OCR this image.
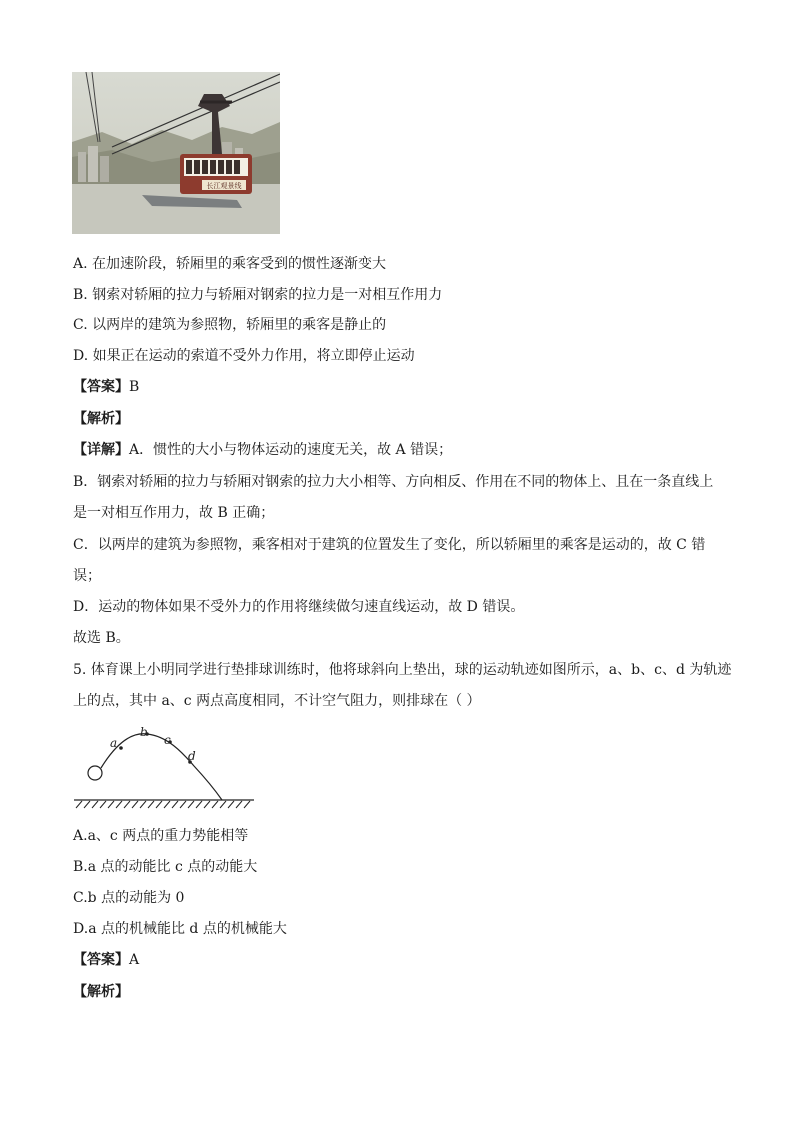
长江观景线
A. 在加速阶段，轿厢里的乘客受到的惯性逐渐变大
B. 钢索对轿厢的拉力与轿厢对钢索的拉力是一对相互作用力
C. 以两岸的建筑为参照物，轿厢里的乘客是静止的
D. 如果正在运动的索道不受外力作用，将立即停止运动
【答案】B
【解析】
【详解】A．惯性的大小与物体运动的速度无关，故 A 错误；
B．钢索对轿厢的拉力与轿厢对钢索的拉力大小相等、方向相反、作用在不同的物体上、且在一条直线上
是一对相互作用力，故 B 正确；
C．以两岸的建筑为参照物，乘客相对于建筑的位置发生了变化，所以轿厢里的乘客是运动的，故 C 错
误；
D．运动的物体如果不受外力的作用将继续做匀速直线运动，故 D 错误。
故选 B。
5. 体育课上小明同学进行垫排球训练时，他将球斜向上垫出，球的运动轨迹如图所示，a、b、c、d 为轨迹
上的点，其中 a、c 两点高度相同，不计空气阻力，则排球在（ ）
a
b
c
d
A.a、c 两点的重力势能相等
B.a 点的动能比 c 点的动能大
C.b 点的动能为 0
D.a 点的机械能比 d 点的机械能大
【答案】A
【解析】
